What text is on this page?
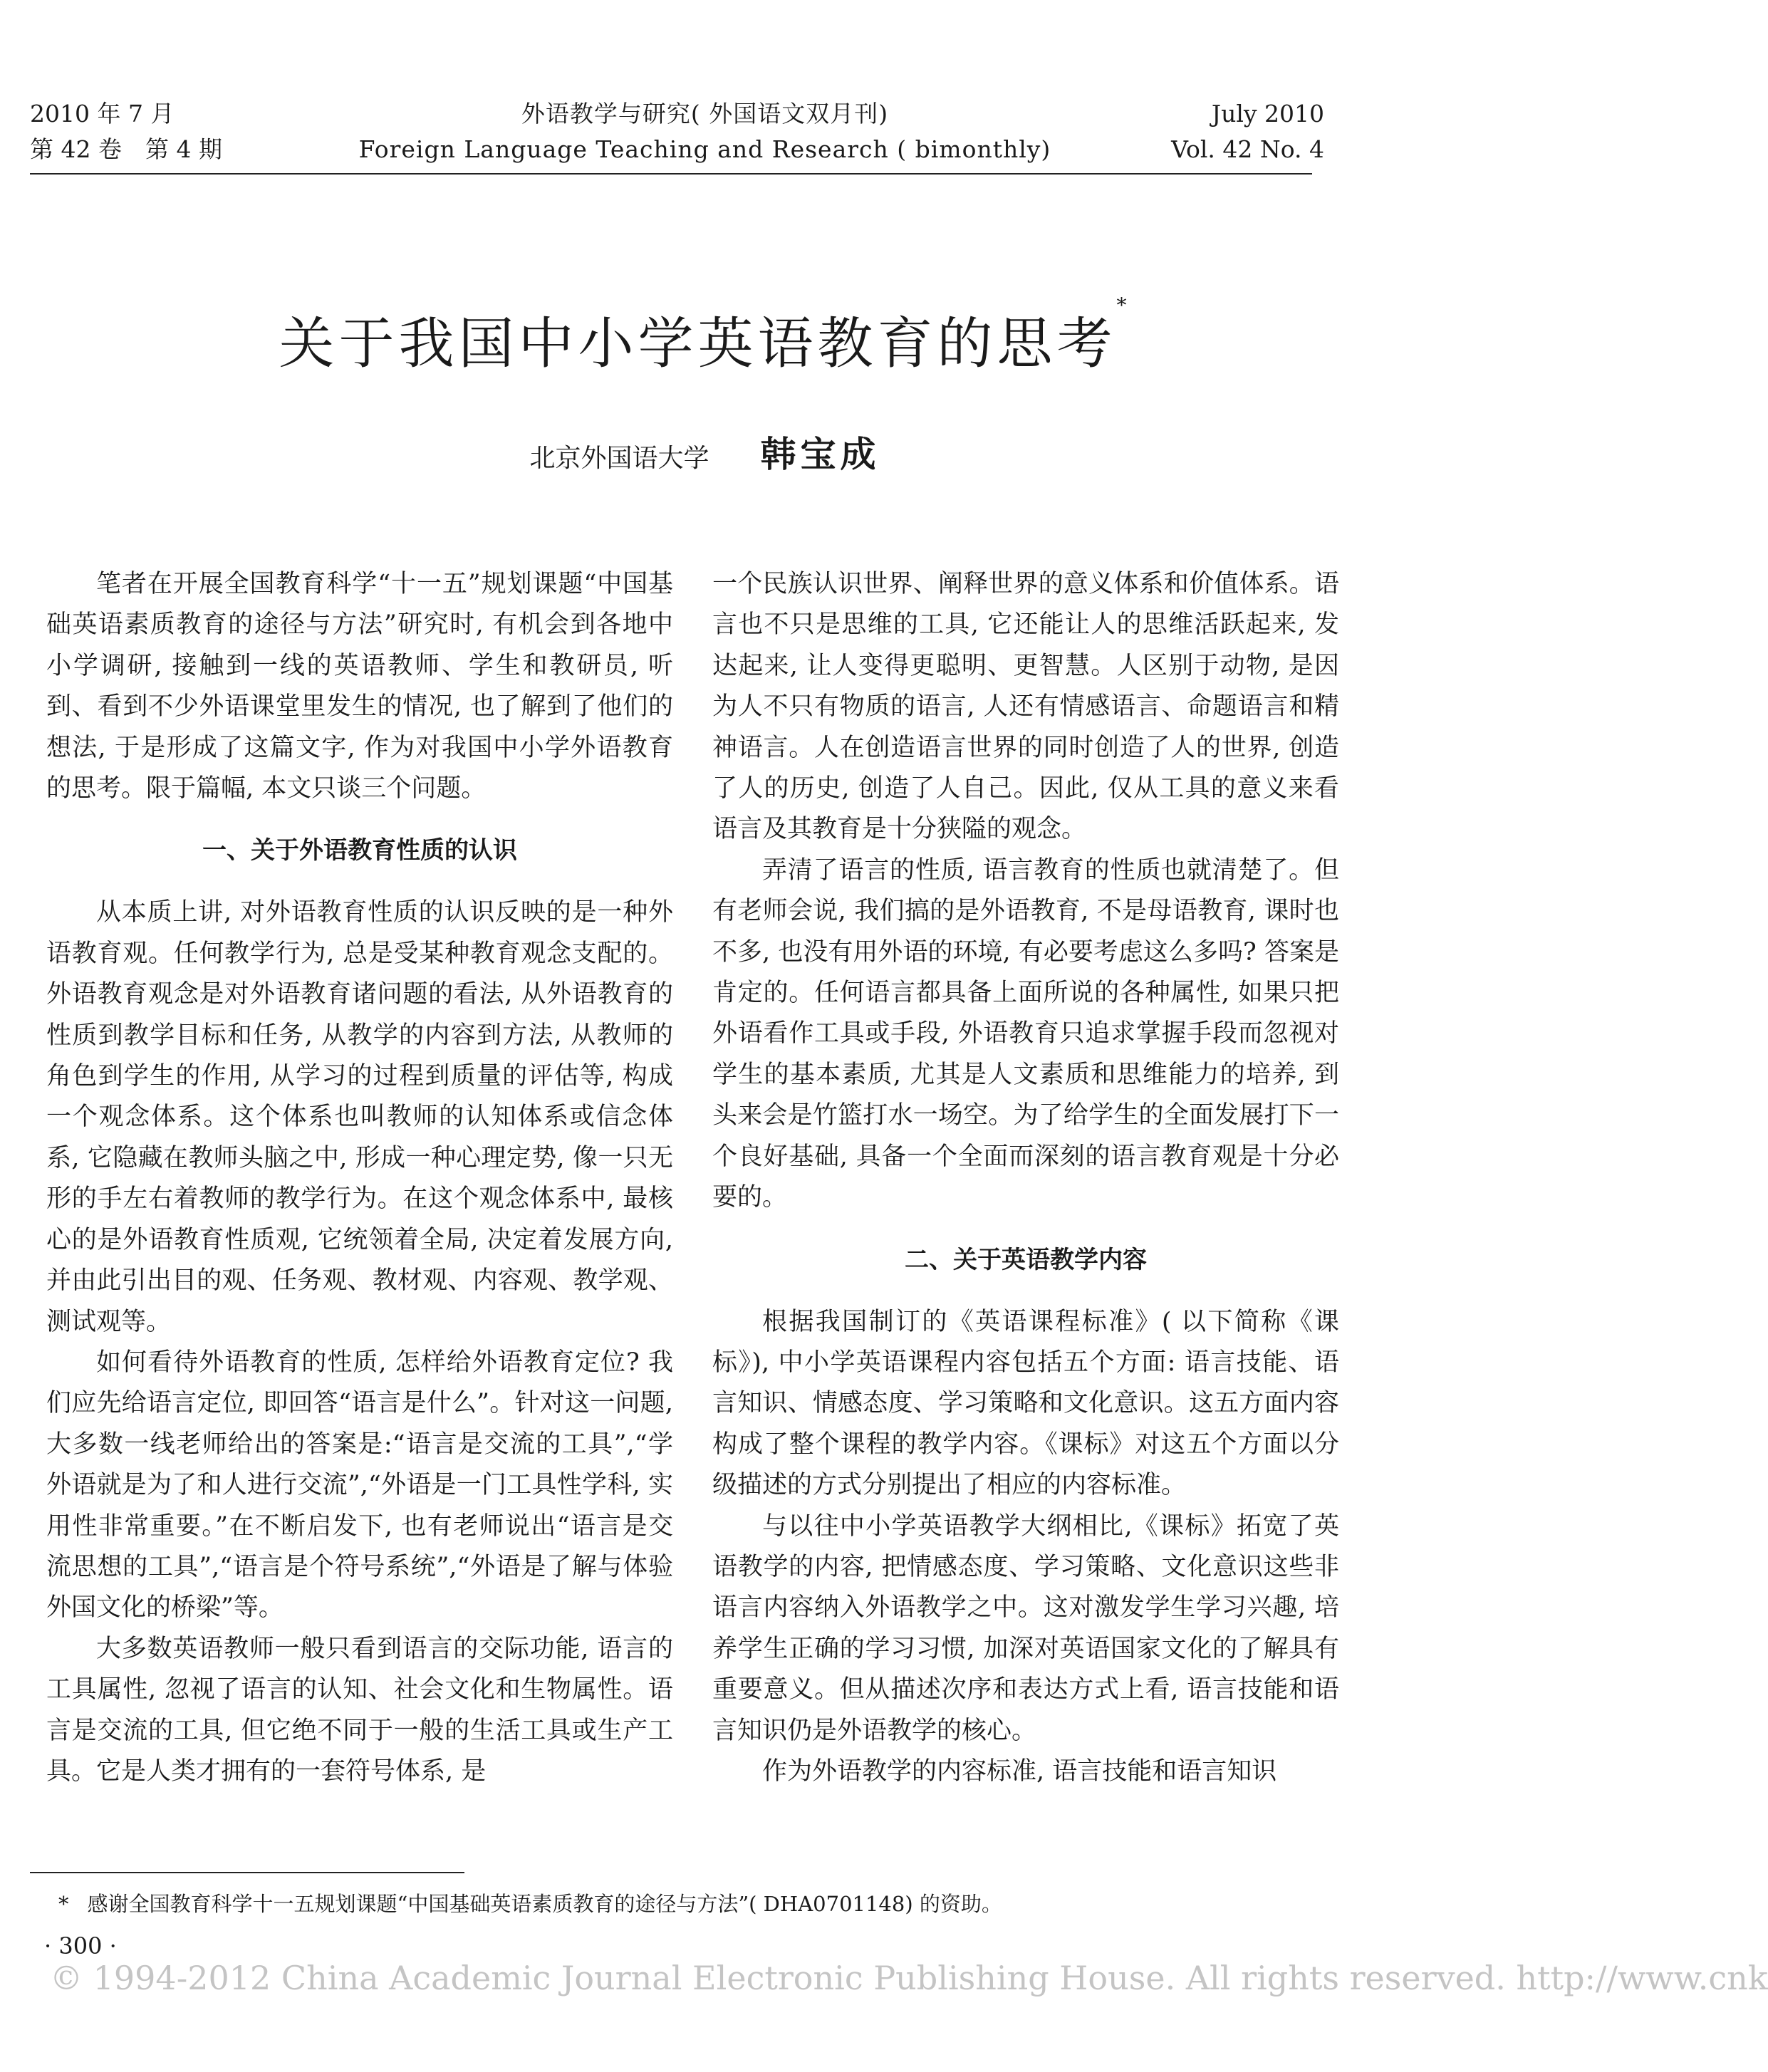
2010 年 7 月
第 42 卷　第 4 期
外语教学与研究( 外国语文双月刊)
Foreign Language Teaching and Research ( bimonthly)
July 2010
Vol. 42 No. 4
关于我国中小学英语教育的思考*
北京外国语大学 韩宝成

笔者在开展全国教育科学“十一五”规划课题“中国基础英语素质教育的途径与方法”研究时, 有机会到各地中小学调研, 接触到一线的英语教师、学生和教研员, 听到、看到不少外语课堂里发生的情况, 也了解到了他们的想法, 于是形成了这篇文字, 作为对我国中小学外语教育的思考。限于篇幅, 本文只谈三个问题。

一、关于外语教育性质的认识

从本质上讲, 对外语教育性质的认识反映的是一种外语教育观。任何教学行为, 总是受某种教育观念支配的。外语教育观念是对外语教育诸问题的看法, 从外语教育的性质到教学目标和任务, 从教学的内容到方法, 从教师的角色到学生的作用, 从学习的过程到质量的评估等, 构成一个观念体系。这个体系也叫教师的认知体系或信念体系, 它隐藏在教师头脑之中, 形成一种心理定势, 像一只无形的手左右着教师的教学行为。在这个观念体系中, 最核心的是外语教育性质观, 它统领着全局, 决定着发展方向, 并由此引出目的观、任务观、教材观、内容观、教学观、测试观等。

如何看待外语教育的性质, 怎样给外语教育定位? 我们应先给语言定位, 即回答“语言是什么”。针对这一问题, 大多数一线老师给出的答案是:“语言是交流的工具”,“学外语就是为了和人进行交流”,“外语是一门工具性学科, 实用性非常重要。”在不断启发下, 也有老师说出“语言是交流思想的工具”,“语言是个符号系统”,“外语是了解与体验外国文化的桥梁”等。

大多数英语教师一般只看到语言的交际功能, 语言的工具属性, 忽视了语言的认知、社会文化和生物属性。语言是交流的工具, 但它绝不同于一般的生活工具或生产工具。它是人类才拥有的一套符号体系, 是

一个民族认识世界、阐释世界的意义体系和价值体系。语言也不只是思维的工具, 它还能让人的思维活跃起来, 发达起来, 让人变得更聪明、更智慧。人区别于动物, 是因为人不只有物质的语言, 人还有情感语言、命题语言和精神语言。人在创造语言世界的同时创造了人的世界, 创造了人的历史, 创造了人自己。因此, 仅从工具的意义来看语言及其教育是十分狭隘的观念。

弄清了语言的性质, 语言教育的性质也就清楚了。但有老师会说, 我们搞的是外语教育, 不是母语教育, 课时也不多, 也没有用外语的环境, 有必要考虑这么多吗? 答案是肯定的。任何语言都具备上面所说的各种属性, 如果只把外语看作工具或手段, 外语教育只追求掌握手段而忽视对学生的基本素质, 尤其是人文素质和思维能力的培养, 到头来会是竹篮打水一场空。为了给学生的全面发展打下一个良好基础, 具备一个全面而深刻的语言教育观是十分必要的。

二、关于英语教学内容

根据我国制订的《英语课程标准》( 以下简称《课标》), 中小学英语课程内容包括五个方面: 语言技能、语言知识、情感态度、学习策略和文化意识。这五方面内容构成了整个课程的教学内容。《课标》对这五个方面以分级描述的方式分别提出了相应的内容标准。

与以往中小学英语教学大纲相比,《课标》拓宽了英语教学的内容, 把情感态度、学习策略、文化意识这些非语言内容纳入外语教学之中。这对激发学生学习兴趣, 培养学生正确的学习习惯, 加深对英语国家文化的了解具有重要意义。但从描述次序和表达方式上看, 语言技能和语言知识仍是外语教学的核心。

作为外语教学的内容标准, 语言技能和语言知识

* 感谢全国教育科学十一五规划课题“中国基础英语素质教育的途径与方法”( DHA0701148) 的资助。
· 300 ·
© 1994-2012 China Academic Journal Electronic Publishing House. All rights reserved. http://www.cnk
